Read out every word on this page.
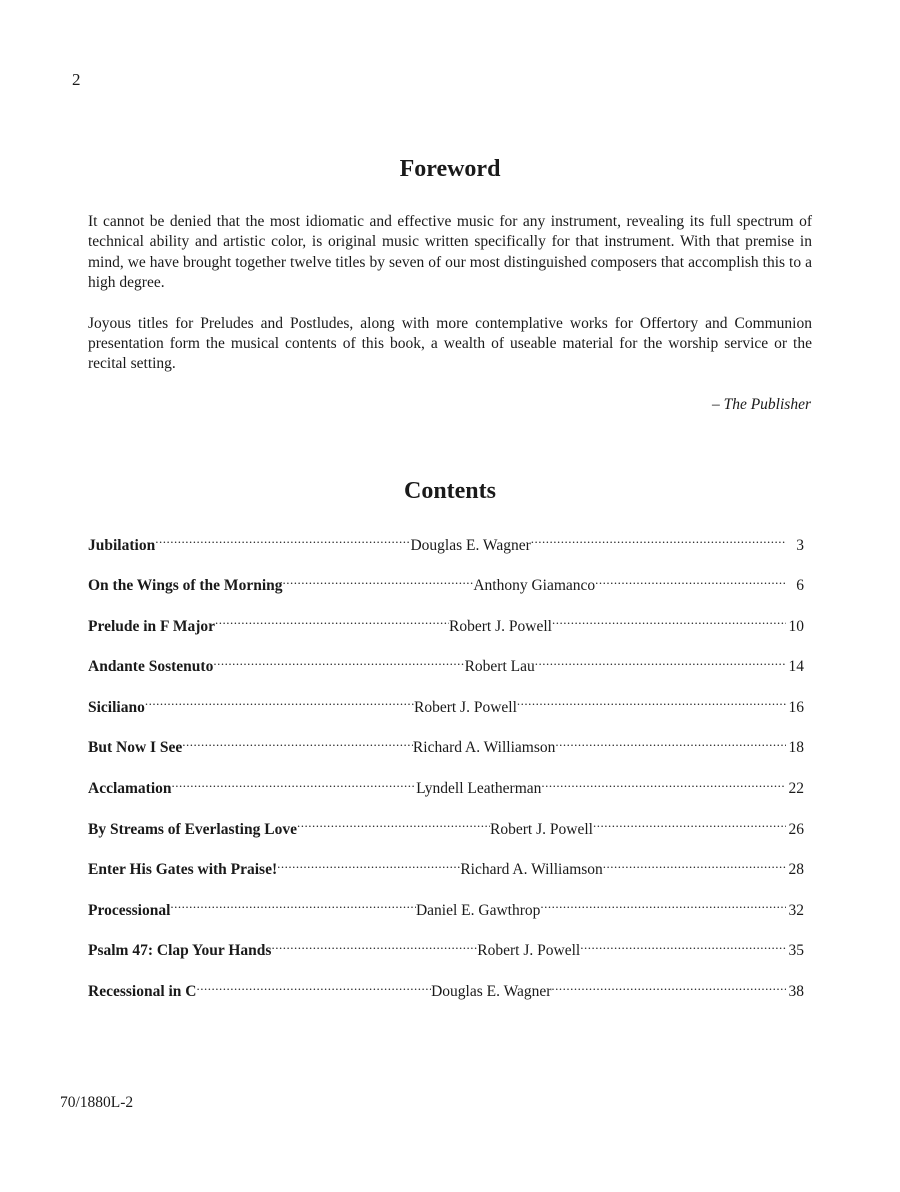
2
Foreword

It cannot be denied that the most idiomatic and effective music for any instrument, revealing its full spectrum of technical ability and artistic color, is original music written specifically for that instrument. With that premise in mind, we have brought together twelve titles by seven of our most distinguished composers that accomplish this to a high degree.

Joyous titles for Preludes and Postludes, along with more contemplative works for Offertory and Communion presentation form the musical contents of this book, a wealth of useable material for the worship service or the recital setting.

– The Publisher
Contents
Jubilation .....	Douglas E. Wagner .....	3
On the Wings of the Morning .....	Anthony Giamanco .....	6
Prelude in F Major .....	Robert J. Powell .....	10
Andante Sostenuto .....	Robert Lau .....	14
Siciliano .....	Robert J. Powell .....	16
But Now I See .....	Richard A. Williamson .....	18
Acclamation .....	Lyndell Leatherman .....	22
By Streams of Everlasting Love .....	Robert J. Powell .....	26
Enter His Gates with Praise! .....	Richard A. Williamson .....	28
Processional .....	Daniel E. Gawthrop .....	32
Psalm 47: Clap Your Hands .....	Robert J. Powell .....	35
Recessional in C .....	Douglas E. Wagner .....	38
70/1880L-2
